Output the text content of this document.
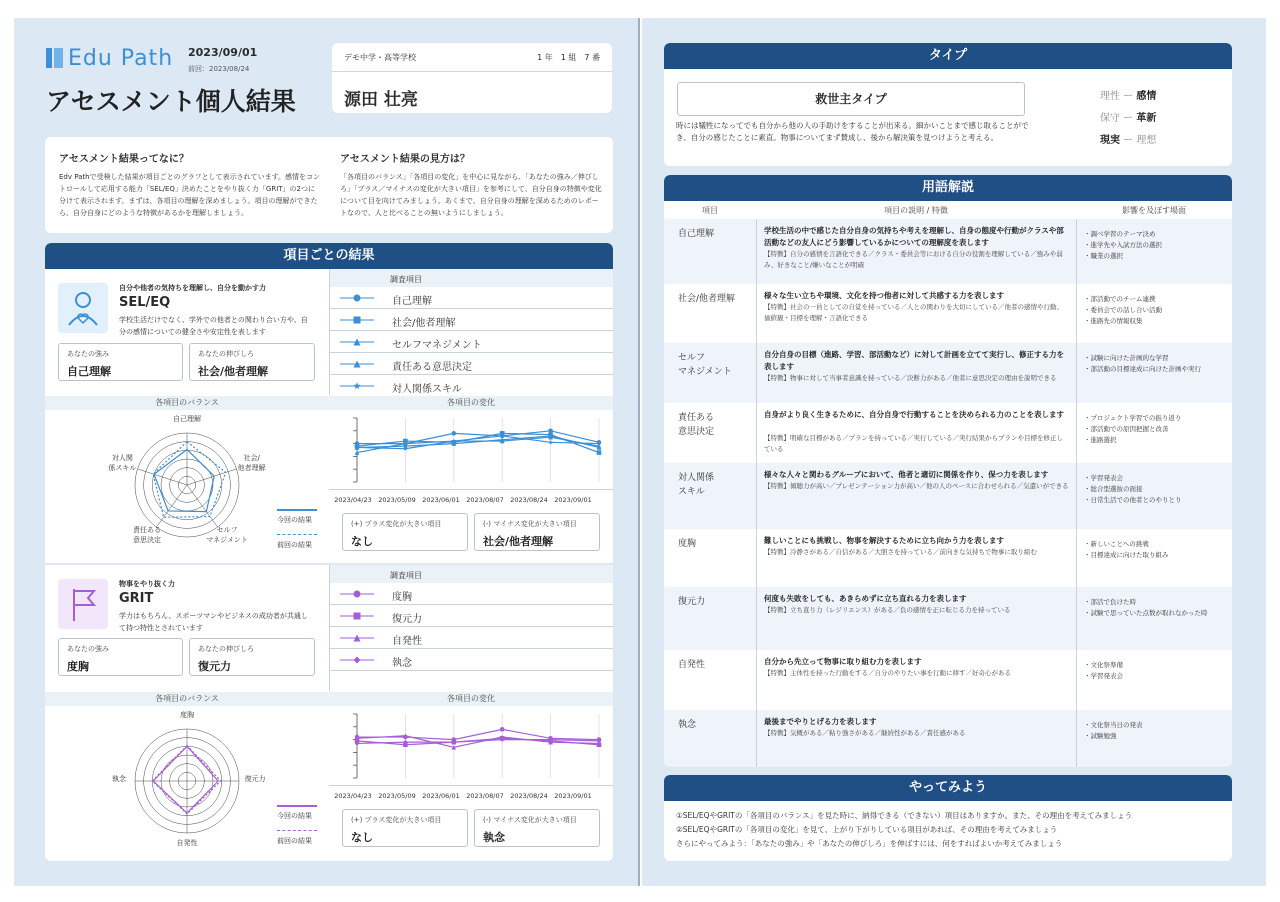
Edu Path 2023/09/01
前回：2023/08/24
アセスメント個人結果
デモ中学・高等学校	1 年　1 組　7 番
源田 壮亮
アセスメント結果ってなに？
Edv Pathで受検した結果が項目ごとのグラフとして表示されています。感情をコントロールして応用する能力「SEL/EQ」決めたことをやり抜く力「GRIT」の2つに分けて表示されます。まずは、各項目の理解を深めましょう。項目の理解ができたら、自分自身にどのような特徴があるかを理解しましょう。
アセスメント結果の見方は？
「各項目のバランス」「各項目の変化」を中心に見ながら、「あなたの強み／伸びしろ」「プラス／マイナスの変化が大きい項目」を参考にして、自分自身の特徴や変化について目を向けてみましょう。あくまで、自分自身の理解を深めるためのレポートなので、人と比べることの無いようにしましょう。
項目ごとの結果
自分や他者の気持ちを理解し、自分を動かす力
SEL/EQ
学校生活だけでなく、学外での他者との関わり合い方や、自分の感情についての健全さや安定性を表します
あなたの強み
自己理解
あなたの伸びしろ
社会/他者理解
調査項目
自己理解
社会/他者理解
セルフマネジメント
責任ある意思決定
対人関係スキル
各項目のバランス	各項目の変化
自己理解
社会/他者理解
セルフマネジメント
責任ある意思決定
対人関係スキル
2023/04/23	2023/05/09	2023/06/01	2023/08/07	2023/08/24	2023/09/01
(+) プラス変化が大きい項目
なし
(-) マイナス変化が大きい項目
社会/他者理解
今回の結果
前回の結果
物事をやり抜く力
GRIT
学力はもちろん、スポーツマンやビジネスの成功者が共通して持つ特性とされています
あなたの強み
度胸
あなたの伸びしろ
復元力
調査項目
度胸
復元力
自発性
執念
各項目のバランス	各項目の変化
度胸
復元力
自発性
執念
2023/04/23	2023/05/09	2023/06/01	2023/08/07	2023/08/24	2023/09/01
(+) プラス変化が大きい項目
なし
(-) マイナス変化が大きい項目
執念
今回の結果
前回の結果
タイプ
救世主タイプ
時には犠牲になってでも自分から他の人の手助けをすることが出来る。細かいことまで感じ取ることができ、自分の感じたことに素直。物事についてまず賛成し、後から解決策を見つけようと考える。
理性 ー 感情
保守 ー 革新
現実 ー 理想
用語解説
項目	項目の説明 / 特徴	影響を及ぼす場面
自己理解	学校生活の中で感じた自分自身の気持ちや考えを理解し、自身の態度や行動がクラスや部活動などの友人にどう影響しているかについての理解度を表します
【特徴】自分の感情を言語化できる／クラス・委員会等における自分の役割を理解している／強みや弱み、好きなこと/嫌いなことが明確
・調べ学習のテーマ決め
・進学先や入試方法の選択
・職業の選択
社会/他者理解	様々な生い立ちや環境、文化を持つ他者に対して共感する力を表します
【特徴】社会の一員としての自覚を持っている／人との関わりを大切にしている／他者の感情や行動、価値観・目標を理解・言語化できる
・部活動でのチーム連携
・委員会での話し合い活動
・進路先の情報収集
セルフ
マネジメント
自分自身の目標（進路、学習、部活動など）に対して計画を立てて実行し、修正する力を表します
【特徴】物事に対して当事者意識を持っている／決断力がある／他者に意思決定の理由を説明できる
・試験に向けた計画的な学習
・部活動の目標達成に向けた計画や実行
責任ある
意思決定
自身がより良く生きるために、自分自身で行動することを決められる力のことを表します
【特徴】明確な目標がある／プランを持っている／実行している／実行結果からプランや目標を修正している
・プロジェクト学習での振り返り
・部活動での原因把握と改善
・進路選択
対人関係
スキル
様々な人々と関わるグループにおいて、他者と適切に関係を作り、保つ力を表します
【特徴】傾聴力が高い／プレゼンテーション力が高い／他の人のペースに合わせられる／気遣いができる
・学習発表会
・総合型選抜の面接
・日常生活での他者とのやりとり
度胸	難しいことにも挑戦し、物事を解決するために立ち向かう力を表します
【特徴】冷静さがある／自信がある／大胆さを持っている／前向きな気持ちで物事に取り組む
・新しいことへの挑戦
・目標達成に向けた取り組み
復元力	何度も失敗をしても、あきらめずに立ち直れる力を表します
【特徴】立ち直り力（レジリエンス）がある／負の感情を正に転じる力を持っている
・部活で負けた時
・試験で思っていた点数が取れなかった時
自発性	自分から先立って物事に取り組む力を表します
【特徴】主体性を持った行動をする／自分のやりたい事を行動に移す／好奇心がある
・文化祭準備
・学習発表会
執念	最後までやりとげる力を表します
【特徴】気概がある／粘り強さがある／継続性がある／責任感がある
・文化祭当日の発表
・試験勉強
やってみよう
①SEL/EQやGRITの「各項目のバランス」を見た時に、納得できる（できない）項目はありますか。また、その理由を考えてみましょう
②SEL/EQやGRITの「各項目の変化」を見て、上がり下がりしている項目があれば、その理由を考えてみましょう
さらにやってみよう：「あなたの強み」や「あなたの伸びしろ」を伸ばすには、何をすればよいか考えてみましょう
